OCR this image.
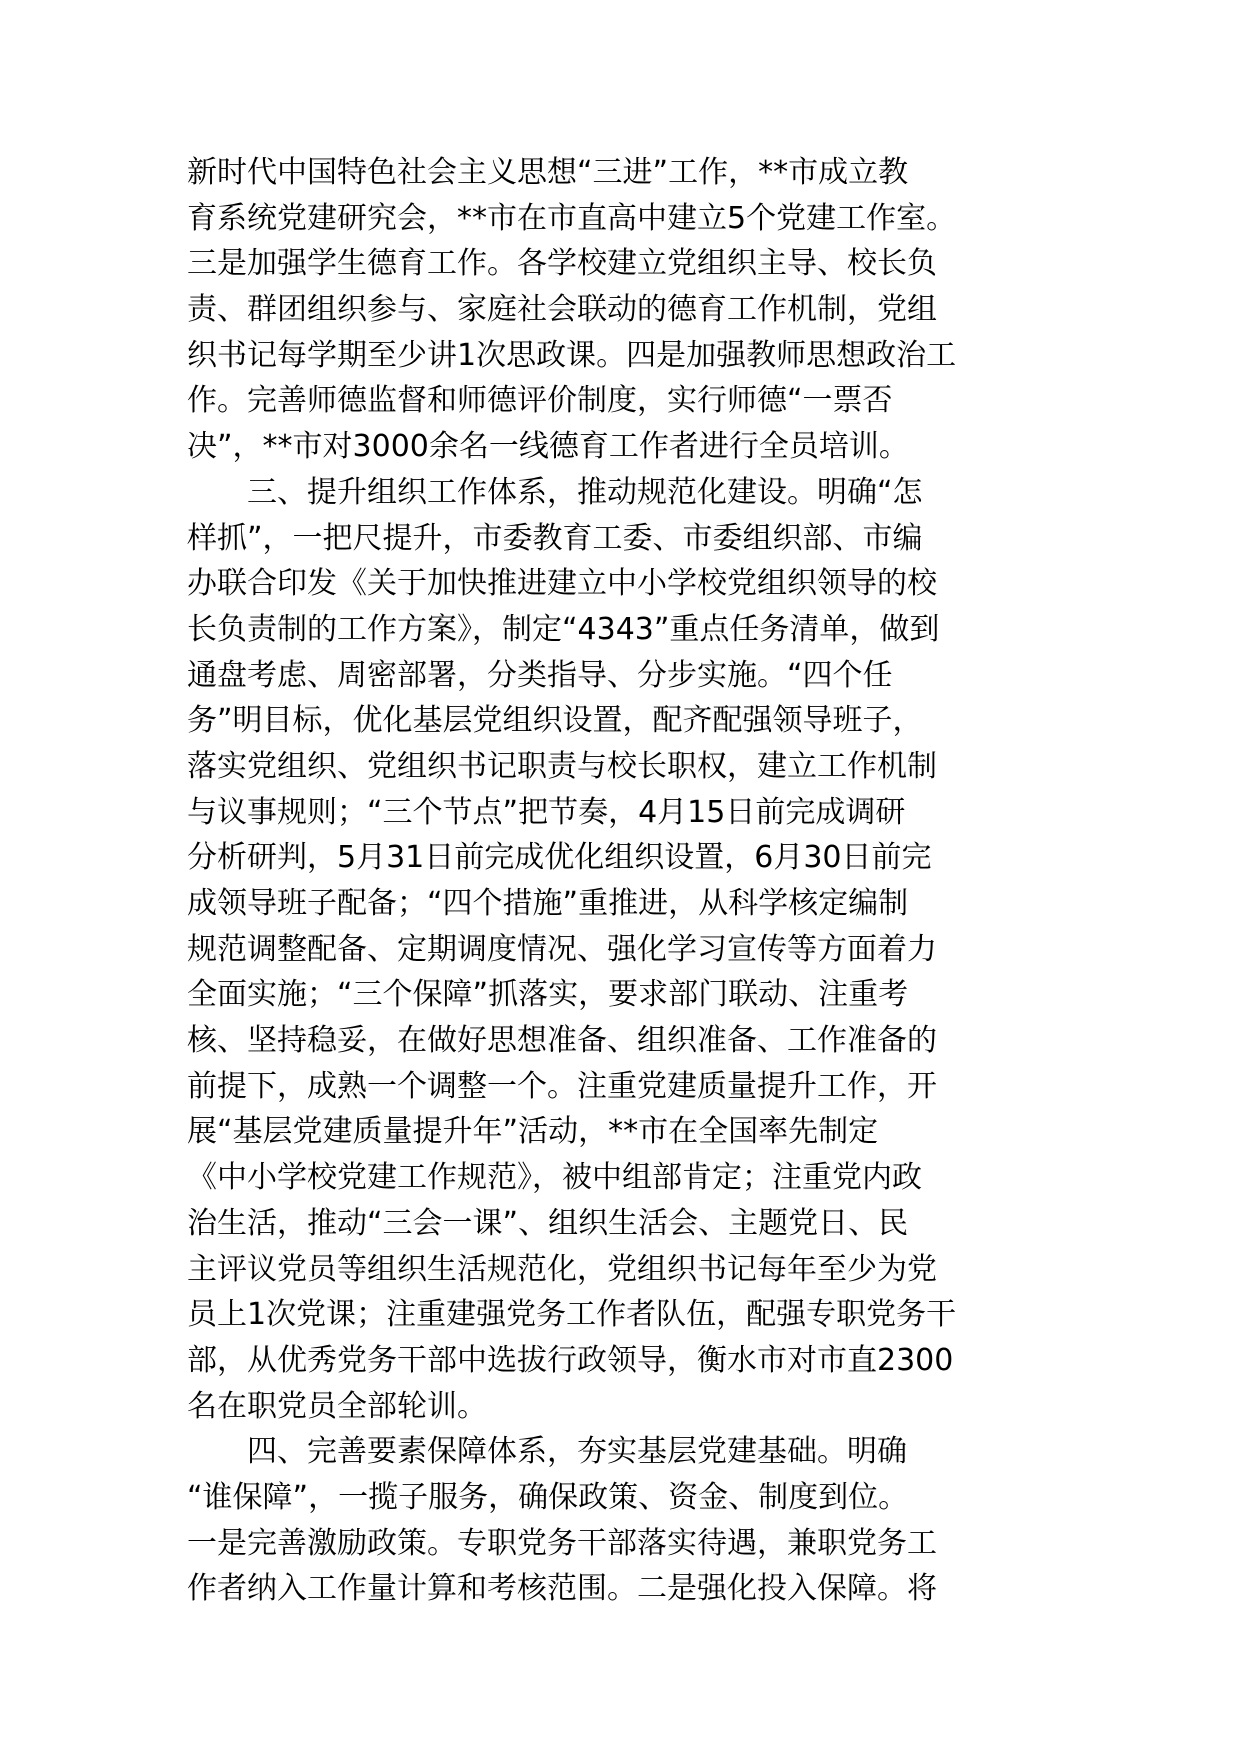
新时代中国特色社会主义思想“三进”工作，**市成立教
育系统党建研究会，**市在市直高中建立5个党建工作室。
三是加强学生德育工作。各学校建立党组织主导、校长负
责、群团组织参与、家庭社会联动的德育工作机制，党组
织书记每学期至少讲1次思政课。四是加强教师思想政治工
作。完善师德监督和师德评价制度，实行师德“一票否
决”，**市对3000余名一线德育工作者进行全员培训。
　　三、提升组织工作体系，推动规范化建设。明确“怎
样抓”，一把尺提升，市委教育工委、市委组织部、市编
办联合印发《关于加快推进建立中小学校党组织领导的校
长负责制的工作方案》，制定“4343”重点任务清单，做到
通盘考虑、周密部署，分类指导、分步实施。“四个任
务”明目标，优化基层党组织设置，配齐配强领导班子，
落实党组织、党组织书记职责与校长职权，建立工作机制
与议事规则；“三个节点”把节奏，4月15日前完成调研
分析研判，5月31日前完成优化组织设置，6月30日前完
成领导班子配备；“四个措施”重推进，从科学核定编制
规范调整配备、定期调度情况、强化学习宣传等方面着力
全面实施；“三个保障”抓落实，要求部门联动、注重考
核、坚持稳妥，在做好思想准备、组织准备、工作准备的
前提下，成熟一个调整一个。注重党建质量提升工作，开
展“基层党建质量提升年”活动，**市在全国率先制定
《中小学校党建工作规范》，被中组部肯定；注重党内政
治生活，推动“三会一课”、组织生活会、主题党日、民
主评议党员等组织生活规范化，党组织书记每年至少为党
员上1次党课；注重建强党务工作者队伍，配强专职党务干
部，从优秀党务干部中选拔行政领导，衡水市对市直2300
名在职党员全部轮训。
　　四、完善要素保障体系，夯实基层党建基础。明确
“谁保障”，一揽子服务，确保政策、资金、制度到位。
一是完善激励政策。专职党务干部落实待遇，兼职党务工
作者纳入工作量计算和考核范围。二是强化投入保障。将
